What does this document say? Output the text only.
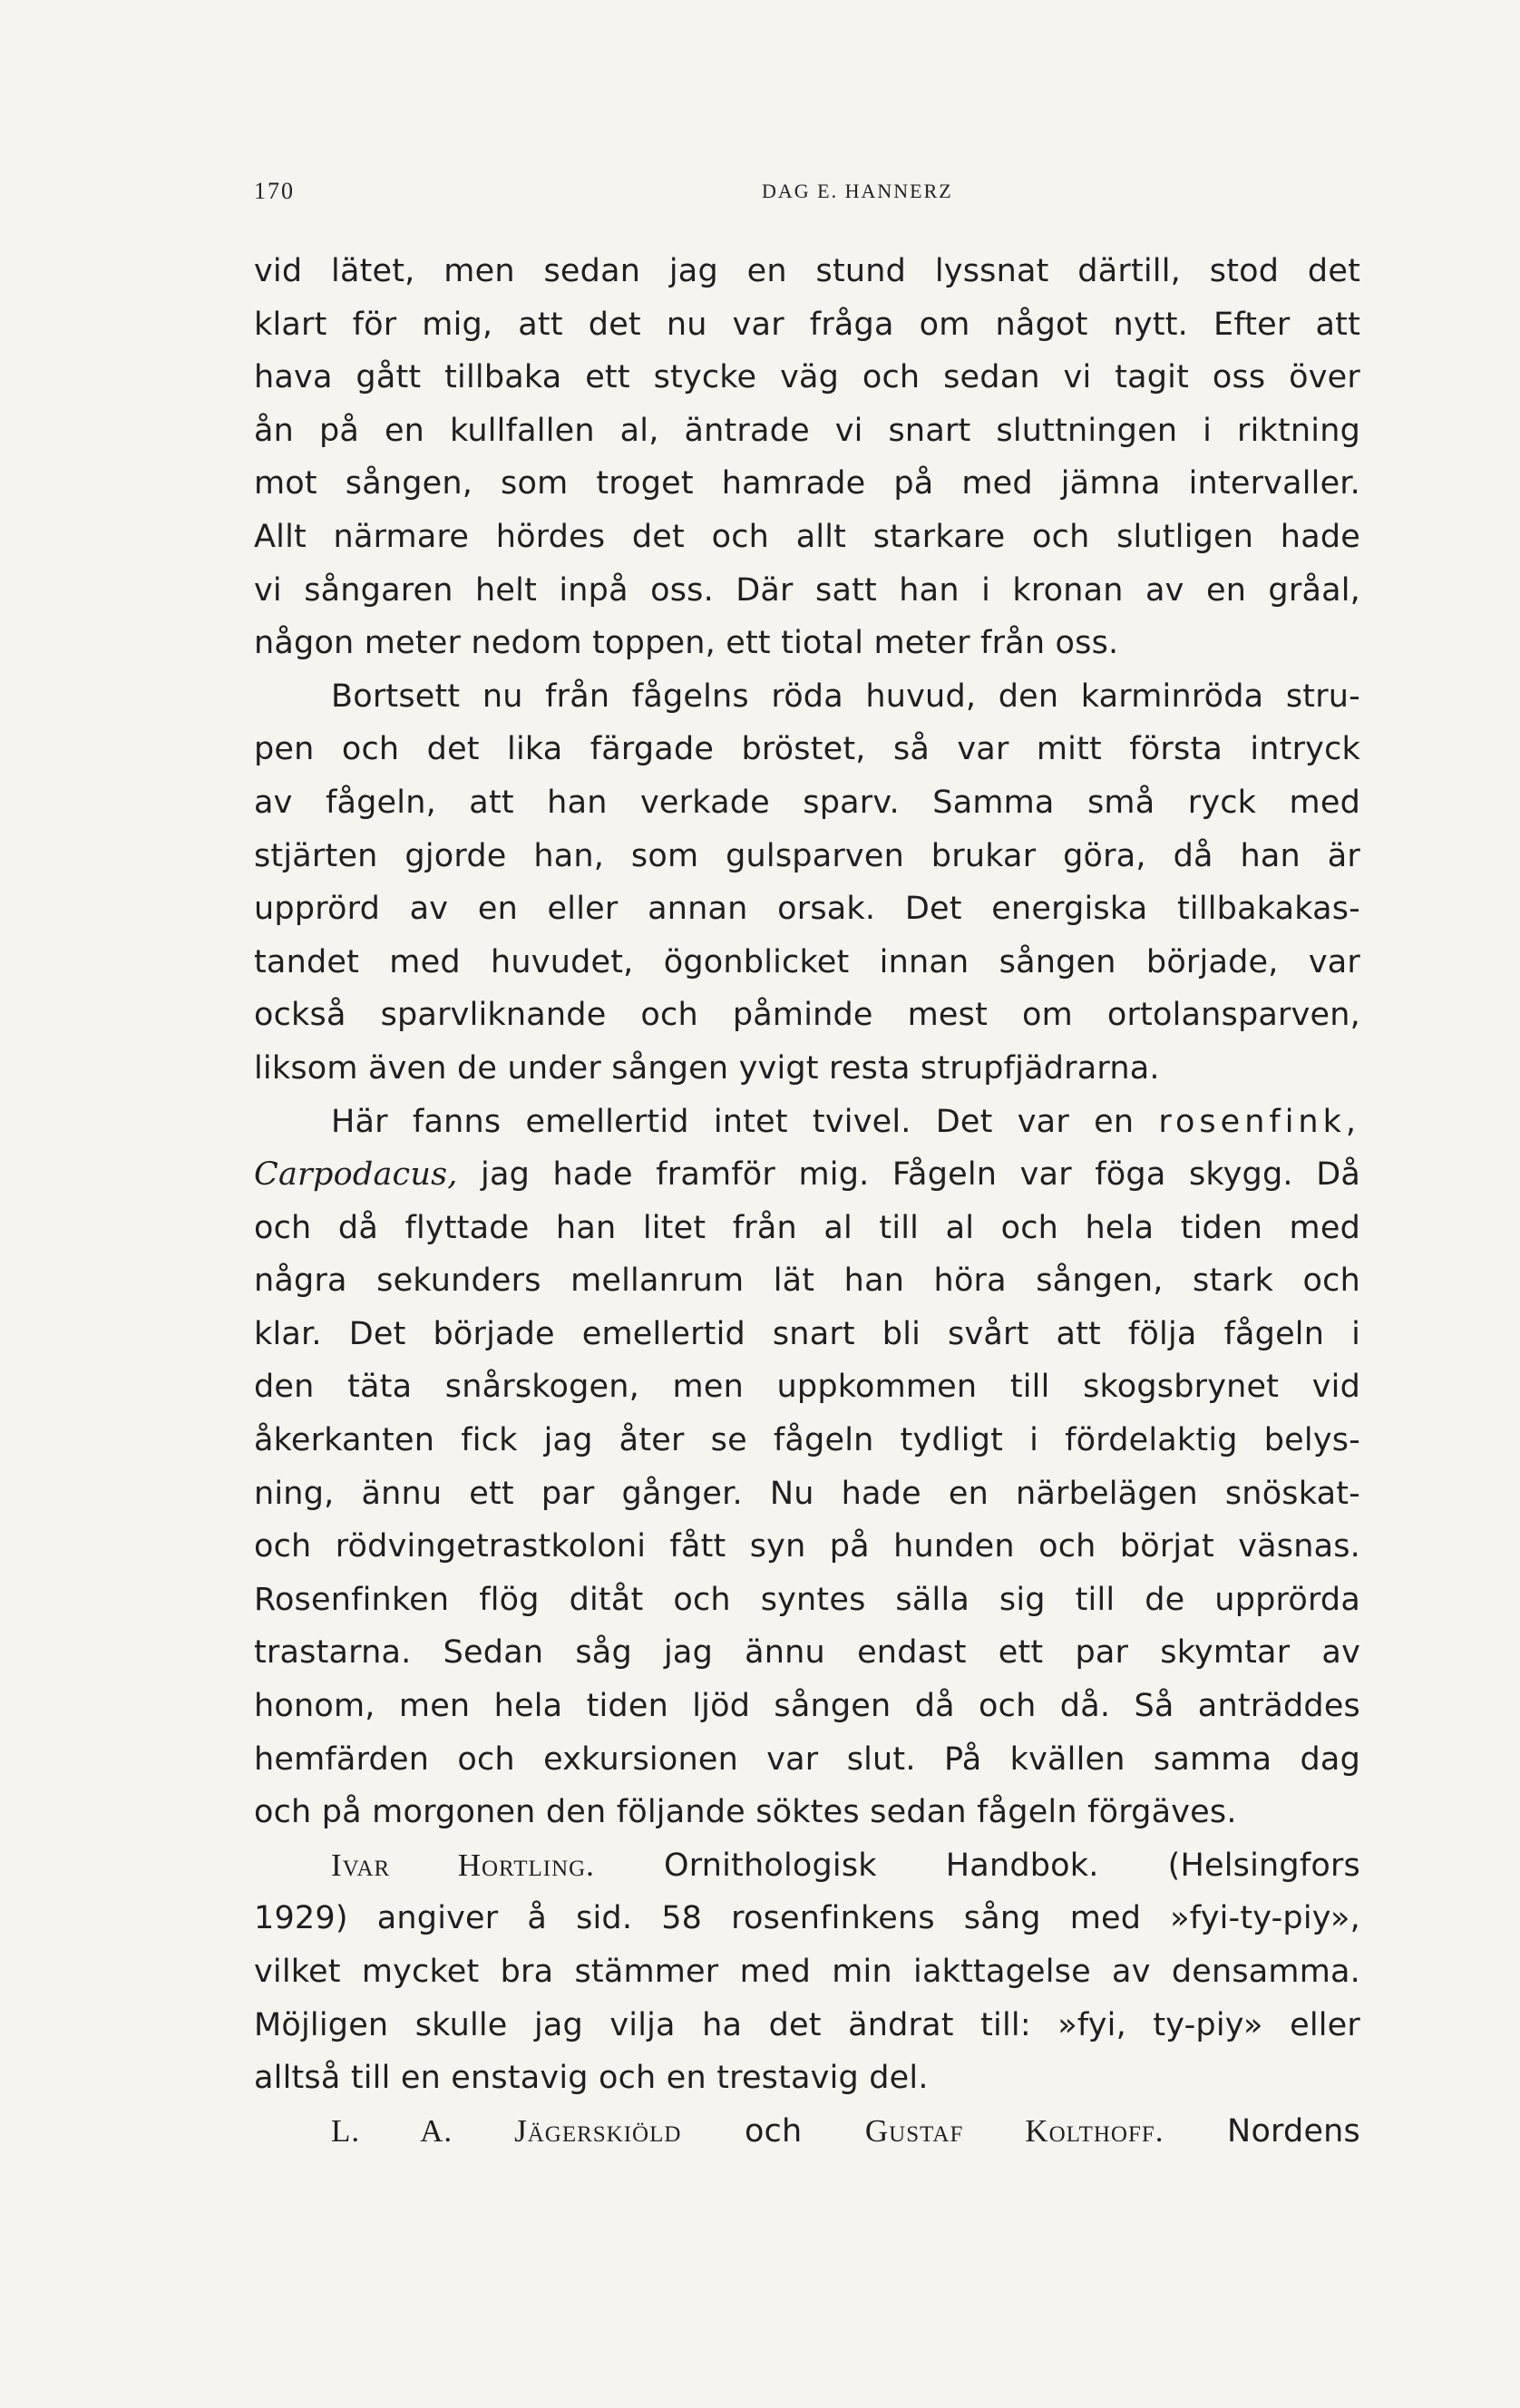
170	DAG E. HANNERZ
vid lätet, men sedan jag en stund lyssnat därtill, stod det
klart för mig, att det nu var fråga om något nytt. Efter att
hava gått tillbaka ett stycke väg och sedan vi tagit oss över
ån på en kullfallen al, äntrade vi snart sluttningen i riktning
mot sången, som troget hamrade på med jämna intervaller.
Allt närmare hördes det och allt starkare och slutligen hade
vi sångaren helt inpå oss. Där satt han i kronan av en gråal,
någon meter nedom toppen, ett tiotal meter från oss.
Bortsett nu från fågelns röda huvud, den karminröda stru-
pen och det lika färgade bröstet, så var mitt första intryck
av fågeln, att han verkade sparv. Samma små ryck med
stjärten gjorde han, som gulsparven brukar göra, då han är
upprörd av en eller annan orsak. Det energiska tillbakakas-
tandet med huvudet, ögonblicket innan sången började, var
också sparvliknande och påminde mest om ortolansparven,
liksom även de under sången yvigt resta strupfjädrarna.
Här fanns emellertid intet tvivel. Det var en rosenfink,
Carpodacus, jag hade framför mig. Fågeln var föga skygg. Då
och då flyttade han litet från al till al och hela tiden med
några sekunders mellanrum lät han höra sången, stark och
klar. Det började emellertid snart bli svårt att följa fågeln i
den täta snårskogen, men uppkommen till skogsbrynet vid
åkerkanten fick jag åter se fågeln tydligt i fördelaktig belys-
ning, ännu ett par gånger. Nu hade en närbelägen snöskat-
och rödvingetrastkoloni fått syn på hunden och börjat väsnas.
Rosenfinken flög ditåt och syntes sälla sig till de upprörda
trastarna. Sedan såg jag ännu endast ett par skymtar av
honom, men hela tiden ljöd sången då och då. Så anträddes
hemfärden och exkursionen var slut. På kvällen samma dag
och på morgonen den följande söktes sedan fågeln förgäves.
Ivar Hortling. Ornithologisk Handbok. (Helsingfors
1929) angiver å sid. 58 rosenfinkens sång med »fyi-ty-piy»,
vilket mycket bra stämmer med min iakttagelse av densamma.
Möjligen skulle jag vilja ha det ändrat till: »fyi, ty-piy» eller
alltså till en enstavig och en trestavig del.
L. A. Jägerskiöld och Gustaf Kolthoff. Nordens
